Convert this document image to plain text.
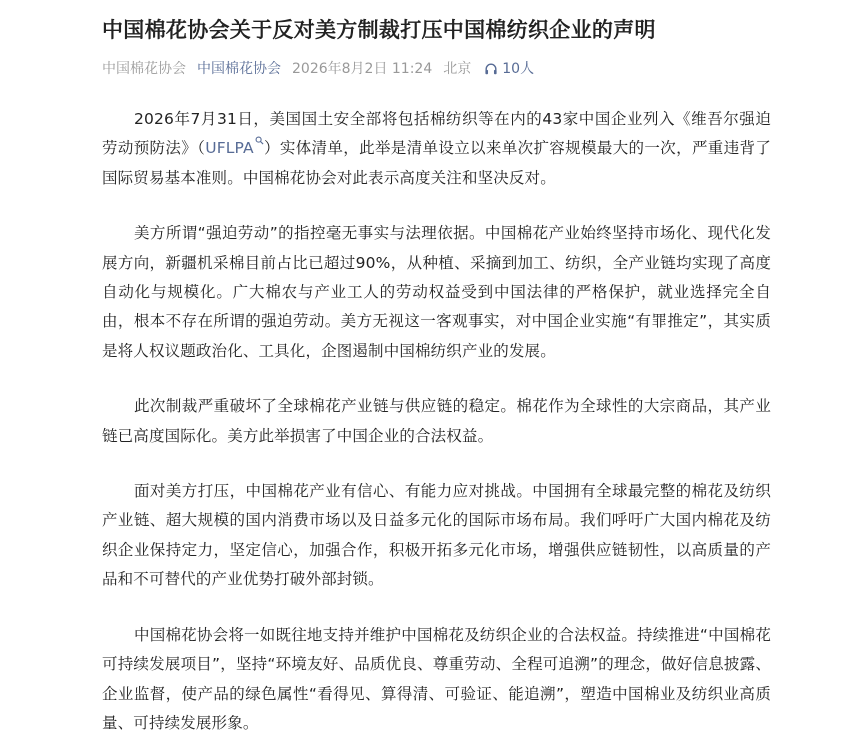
中国棉花协会关于反对美方制裁打压中国棉纺织企业的声明
中国棉花协会 中国棉花协会 2026年8月2日 11:24 北京 10人

2026年7月31日，美国国土安全部将包括棉纺织等在内的43家中国企业列入《维吾尔强迫劳动预防法》（UFLPA ）实体清单，此举是清单设立以来单次扩容规模最大的一次，严重违背了国际贸易基本准则。中国棉花协会对此表示高度关注和坚决反对。

美方所谓“强迫劳动”的指控毫无事实与法理依据。中国棉花产业始终坚持市场化、现代化发展方向，新疆机采棉目前占比已超过90%，从种植、采摘到加工、纺织，全产业链均实现了高度自动化与规模化。广大棉农与产业工人的劳动权益受到中国法律的严格保护，就业选择完全自由，根本不存在所谓的强迫劳动。美方无视这一客观事实，对中国企业实施“有罪推定”，其实质是将人权议题政治化、工具化，企图遏制中国棉纺织产业的发展。

此次制裁严重破坏了全球棉花产业链与供应链的稳定。棉花作为全球性的大宗商品，其产业链已高度国际化。美方此举损害了中国企业的合法权益。

面对美方打压，中国棉花产业有信心、有能力应对挑战。中国拥有全球最完整的棉花及纺织产业链、超大规模的国内消费市场以及日益多元化的国际市场布局。我们呼吁广大国内棉花及纺织企业保持定力，坚定信心，加强合作，积极开拓多元化市场，增强供应链韧性，以高质量的产品和不可替代的产业优势打破外部封锁。

中国棉花协会将一如既往地支持并维护中国棉花及纺织企业的合法权益。持续推进“中国棉花可持续发展项目”，坚持“环境友好、品质优良、尊重劳动、全程可追溯”的理念，做好信息披露、企业监督，使产品的绿色属性“看得见、算得清、可验证、能追溯”，塑造中国棉业及纺织业高质量、可持续发展形象。
